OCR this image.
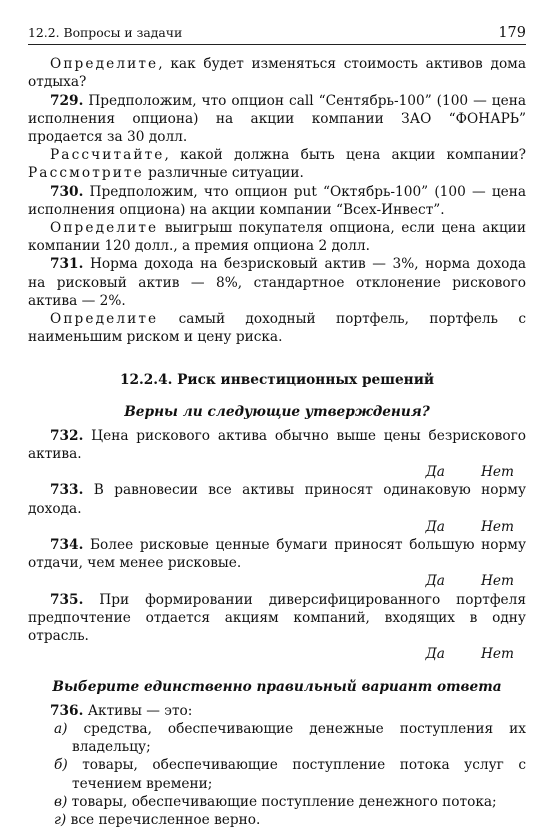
12.2. Вопросы и задачи	179

Определите, как будет изменяться стоимость активов дома отдыха?

729. Предположим, что опцион call “Сентябрь-100” (100 — цена исполнения опциона) на акции компании ЗАО “ФОНАРЬ” продается за 30 долл.

Рассчитайте, какой должна быть цена акции компании? Рассмотрите различные ситуации.

730. Предположим, что опцион put “Октябрь-100” (100 — цена исполнения опциона) на акции компании “Всех-Инвест”.

Определите выигрыш покупателя опциона, если цена акции компании 120 долл., а премия опциона 2 долл.

731. Норма дохода на безрисковый актив — 3%, норма дохода на рисковый актив — 8%, стандартное отклонение рискового актива — 2%.

Определите самый доходный портфель, портфель с наименьшим риском и цену риска.

12.2.4. Риск инвестиционных решений
Верны ли следующие утверждения?

732. Цена рискового актива обычно выше цены безрискового актива.

Да	Нет

733. В равновесии все активы приносят одинаковую норму дохода.

Да	Нет

734. Более рисковые ценные бумаги приносят большую норму отдачи, чем менее рисковые.

Да	Нет

735. При формировании диверсифицированного портфеля предпочтение отдается акциям компаний, входящих в одну отрасль.

Да	Нет
Выберите единственно правильный вариант ответа

736. Активы — это:

а) средства, обеспечивающие денежные поступления их владельцу;

б) товары, обеспечивающие поступление потока услуг с течением времени;

в) товары, обеспечивающие поступление денежного потока;

г) все перечисленное верно.
